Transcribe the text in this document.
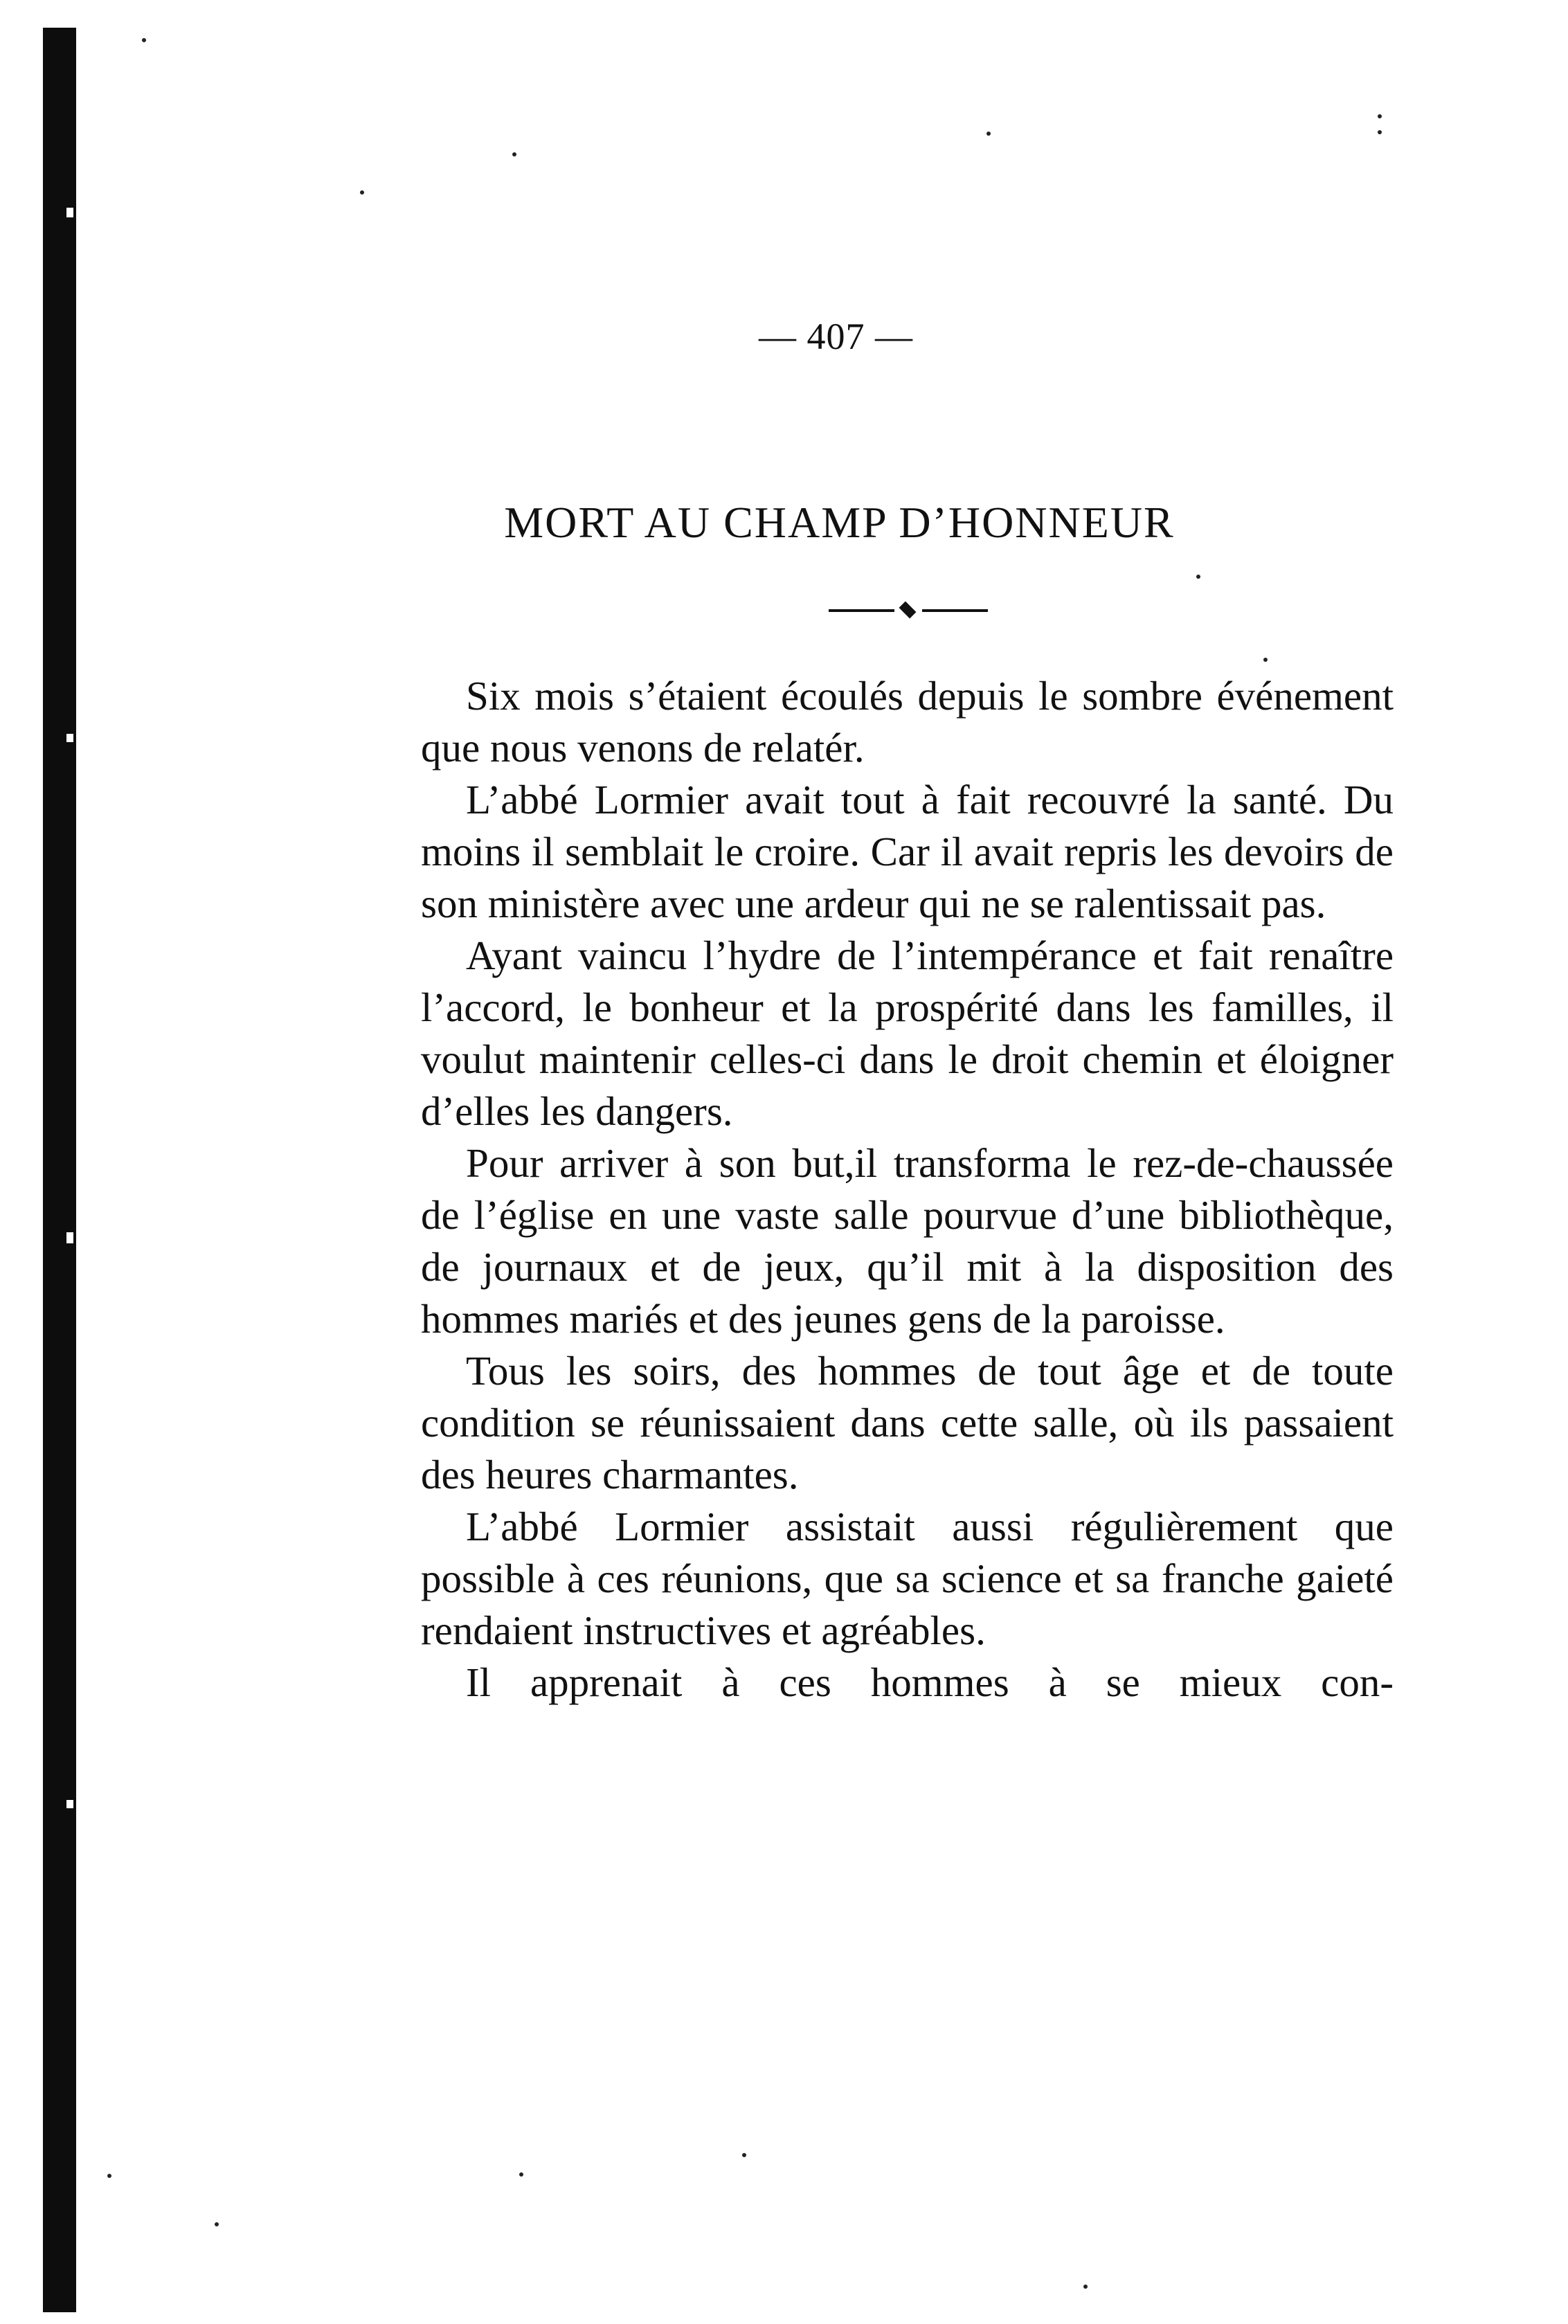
— 407 —
MORT AU CHAMP D’HONNEUR

Six mois s’étaient écoulés depuis le sombre événement que nous venons de relatér.

L’abbé Lormier avait tout à fait recouvré la santé. Du moins il semblait le croire. Car il avait repris les devoirs de son ministère avec une ardeur qui ne se ralentissait pas.

Ayant vaincu l’hydre de l’intempérance et fait renaître l’accord, le bonheur et la prospérité dans les familles, il voulut maintenir celles-ci dans le droit chemin et éloigner d’elles les dangers.

Pour arriver à son but,il transforma le rez-de-chaussée de l’église en une vaste salle pourvue d’une bibliothèque, de journaux et de jeux, qu’il mit à la disposition des hommes mariés et des jeunes gens de la paroisse.

Tous les soirs, des hommes de tout âge et de toute condition se réunissaient dans cette salle, où ils passaient des heures charmantes.

L’abbé Lormier assistait aussi régulièrement que possible à ces réunions, que sa science et sa franche gaieté rendaient instructives et agréables.

Il apprenait à ces hommes à se mieux con-
